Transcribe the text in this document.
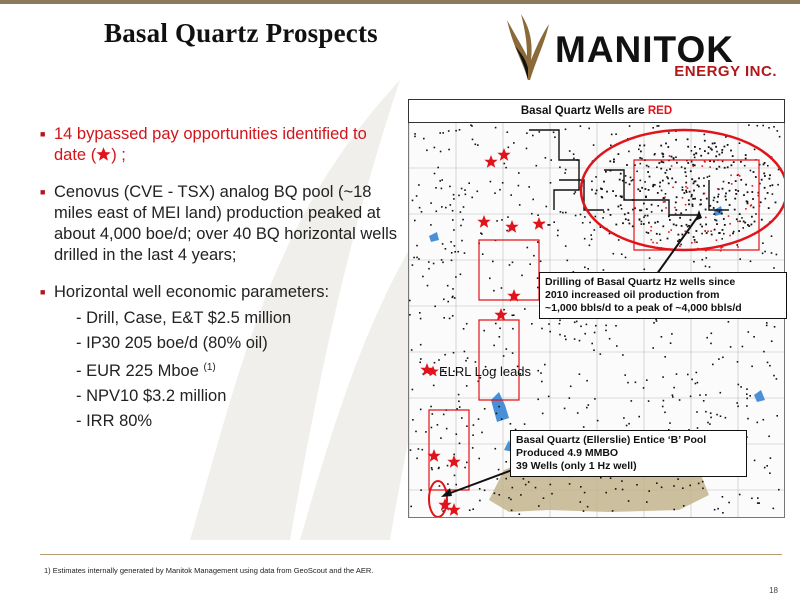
Basal Quartz Prospects	MANITOK
ENERGY INC.
■ 14 bypassed pay opportunities identified to date ( ) ;
■ Cenovus (CVE - TSX) analog BQ pool (~18 miles east of MEI land) production peaked at about 4,000 boe/d; over 40 BQ horizontal wells drilled in the last 4 years;
■ Horizontal well economic parameters:
- Drill, Case, E&T $2.5 million
- IP30 205 boe/d (80% oil)
- EUR 225 Mboe $^{(1)}$
- NPV10 $3.2 million
- IRR 80%
Basal Quartz Wells are RED
ELRL Log leads
Drilling of Basal Quartz Hz wells since
2010 increased oil production from
~1,000 bbls/d to a peak of ~4,000 bbls/d
Basal Quartz (Ellerslie) Entice ‘B’ Pool
Produced 4.9 MMBO
39 Wells (only 1 Hz well)
1) Estimates internally generated by Manitok Management using data from GeoScout and the AER.
18
